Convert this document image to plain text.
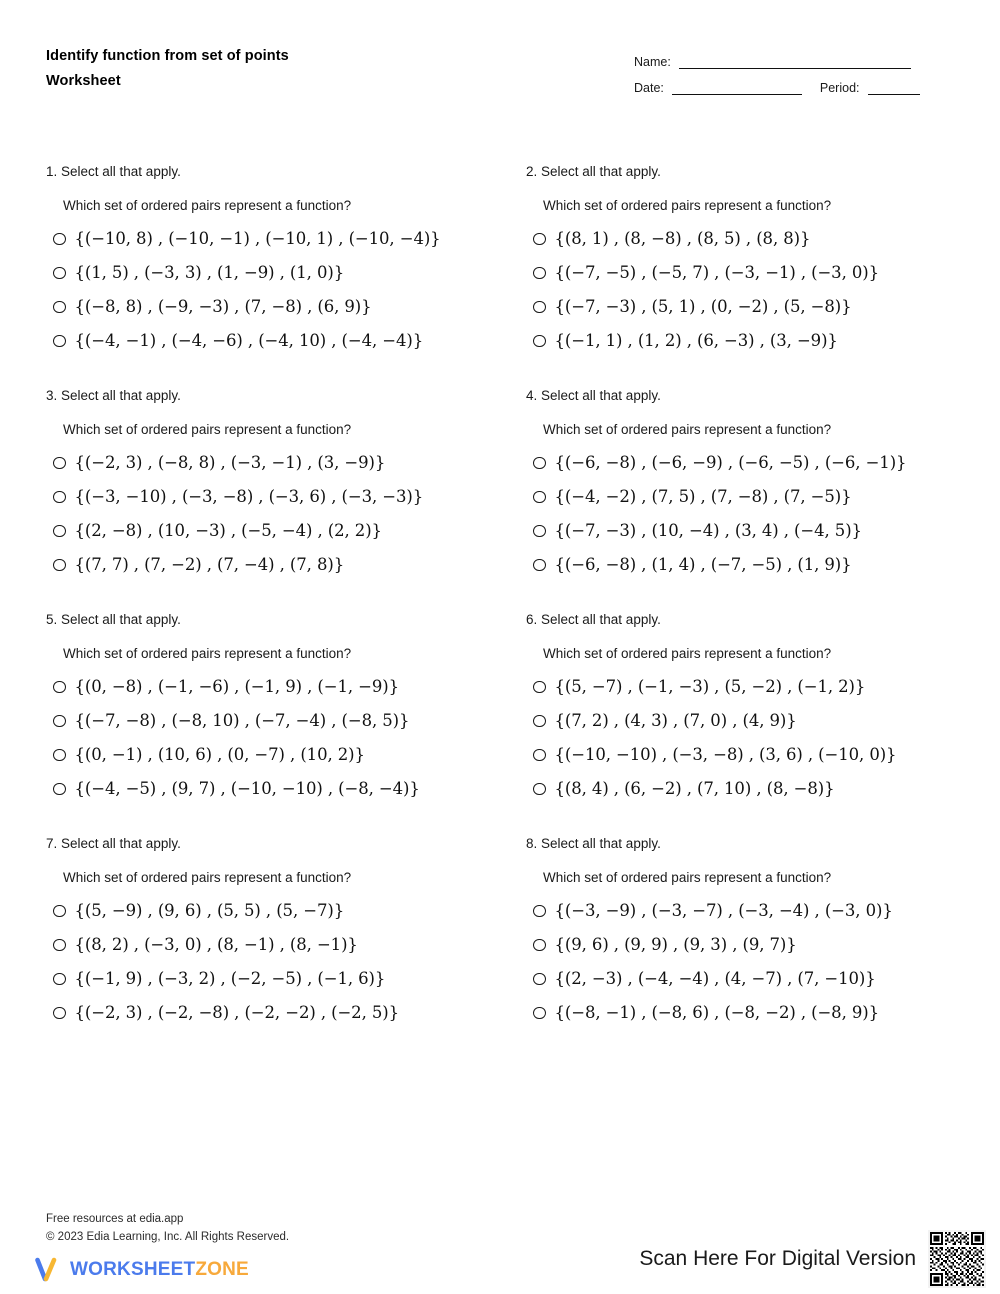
Identify function from set of points
Worksheet
Name:
Date:	Period:
1. Select all that apply.
Which set of ordered pairs represent a function?
{(−10, 8) , (−10, −1) , (−10, 1) , (−10, −4)}
{(1, 5) , (−3, 3) , (1, −9) , (1, 0)}
{(−8, 8) , (−9, −3) , (7, −8) , (6, 9)}
{(−4, −1) , (−4, −6) , (−4, 10) , (−4, −4)}
2. Select all that apply.
Which set of ordered pairs represent a function?
{(8, 1) , (8, −8) , (8, 5) , (8, 8)}
{(−7, −5) , (−5, 7) , (−3, −1) , (−3, 0)}
{(−7, −3) , (5, 1) , (0, −2) , (5, −8)}
{(−1, 1) , (1, 2) , (6, −3) , (3, −9)}
3. Select all that apply.
Which set of ordered pairs represent a function?
{(−2, 3) , (−8, 8) , (−3, −1) , (3, −9)}
{(−3, −10) , (−3, −8) , (−3, 6) , (−3, −3)}
{(2, −8) , (10, −3) , (−5, −4) , (2, 2)}
{(7, 7) , (7, −2) , (7, −4) , (7, 8)}
4. Select all that apply.
Which set of ordered pairs represent a function?
{(−6, −8) , (−6, −9) , (−6, −5) , (−6, −1)}
{(−4, −2) , (7, 5) , (7, −8) , (7, −5)}
{(−7, −3) , (10, −4) , (3, 4) , (−4, 5)}
{(−6, −8) , (1, 4) , (−7, −5) , (1, 9)}
5. Select all that apply.
Which set of ordered pairs represent a function?
{(0, −8) , (−1, −6) , (−1, 9) , (−1, −9)}
{(−7, −8) , (−8, 10) , (−7, −4) , (−8, 5)}
{(0, −1) , (10, 6) , (0, −7) , (10, 2)}
{(−4, −5) , (9, 7) , (−10, −10) , (−8, −4)}
6. Select all that apply.
Which set of ordered pairs represent a function?
{(5, −7) , (−1, −3) , (5, −2) , (−1, 2)}
{(7, 2) , (4, 3) , (7, 0) , (4, 9)}
{(−10, −10) , (−3, −8) , (3, 6) , (−10, 0)}
{(8, 4) , (6, −2) , (7, 10) , (8, −8)}
7. Select all that apply.
Which set of ordered pairs represent a function?
{(5, −9) , (9, 6) , (5, 5) , (5, −7)}
{(8, 2) , (−3, 0) , (8, −1) , (8, −1)}
{(−1, 9) , (−3, 2) , (−2, −5) , (−1, 6)}
{(−2, 3) , (−2, −8) , (−2, −2) , (−2, 5)}
8. Select all that apply.
Which set of ordered pairs represent a function?
{(−3, −9) , (−3, −7) , (−3, −4) , (−3, 0)}
{(9, 6) , (9, 9) , (9, 3) , (9, 7)}
{(2, −3) , (−4, −4) , (4, −7) , (7, −10)}
{(−8, −1) , (−8, 6) , (−8, −2) , (−8, 9)}
Free resources at edia.app
© 2023 Edia Learning, Inc. All Rights Reserved.
WORKSHEETZONE	Scan Here For Digital Version
